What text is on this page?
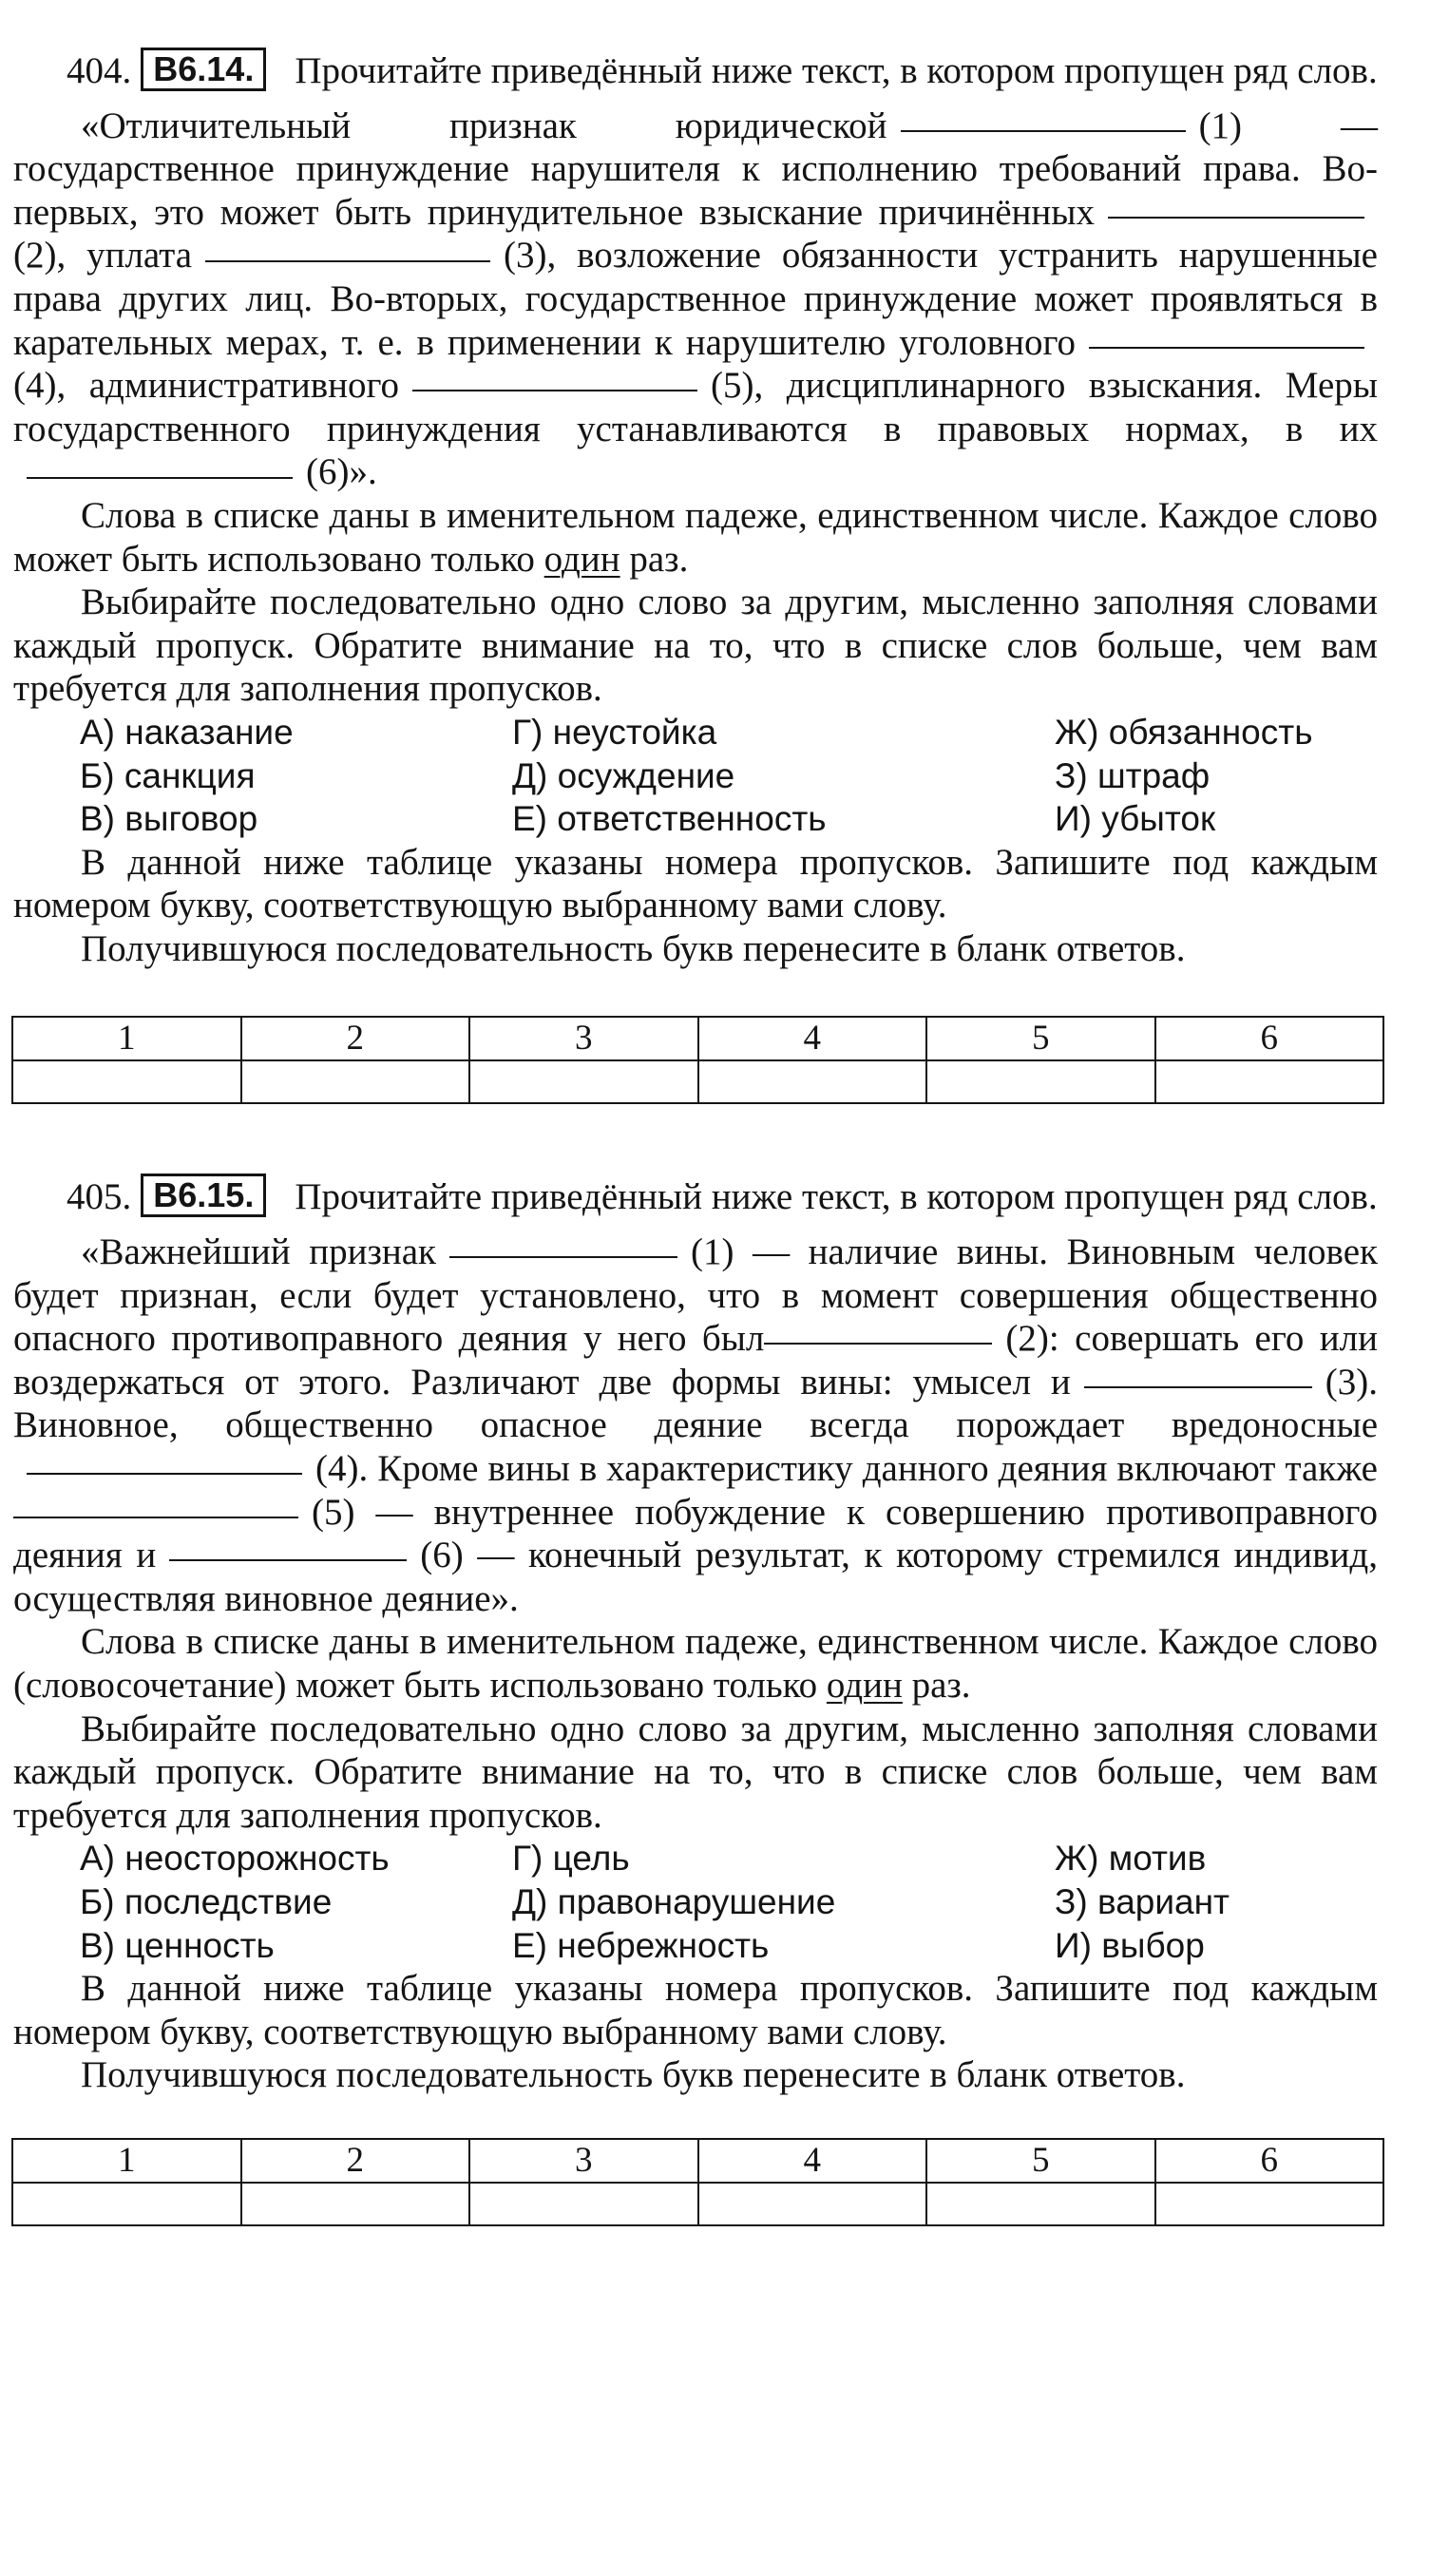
404. B6.14. Прочитайте приведённый ниже текст, в котором пропущен ряд слов.

«Отличительный признак юридической	(1) — государственное принуждение нарушителя к исполнению требований права. Во-первых, это может быть принудительное взыскание причинённых(2), уплата	(3), возложение обязанности устранить нарушенные права других лиц. Во-вторых, государственное принуждение может проявляться в карательных мерах, т. е. в применении к нарушителю уголовного(4), административного	(5), дисциплинарного взыскания. Меры государственного принуждения устанавливаются в правовых нормах, в их(6)».

Слова в списке даны в именительном падеже, единственном числе. Каждое слово может быть использовано только один раз.

Выбирайте последовательно одно слово за другим, мысленно заполняя словами каждый пропуск. Обратите внимание на то, что в списке слов больше, чем вам требуется для заполнения пропусков.

А) наказание	Г) неустойка	Ж) обязанность
Б) санкция	Д) осуждение	З) штраф
В) выговор	Е) ответственность	И) убыток

В данной ниже таблице указаны номера пропусков. Запишите под каждым номером букву, соответствующую выбранному вами слову.

Получившуюся последовательность букв перенесите в бланк ответов.

1	2	3	4	5	6

405. B6.15. Прочитайте приведённый ниже текст, в котором пропущен ряд слов.

«Важнейший признак	(1) — наличие вины. Виновным человек будет признан, если будет установлено, что в момент совершения общественно опасного противоправного деяния у него был	(2): совершать его или воздержаться от этого. Различают две формы вины: умысел и	(3). Виновное, общественно опасное деяние всегда порождает вредоносные(4). Кроме вины в характеристику данного деяния включают также(5) — внутреннее побуждение к совершению противоправного деяния и	(6) — конечный результат, к которому стремился индивид, осуществляя виновное деяние».

Слова в списке даны в именительном падеже, единственном числе. Каждое слово (словосочетание) может быть использовано только один раз.

Выбирайте последовательно одно слово за другим, мысленно заполняя словами каждый пропуск. Обратите внимание на то, что в списке слов больше, чем вам требуется для заполнения пропусков.

А) неосторожность	Г) цель	Ж) мотив
Б) последствие	Д) правонарушение	З) вариант
В) ценность	Е) небрежность	И) выбор

В данной ниже таблице указаны номера пропусков. Запишите под каждым номером букву, соответствующую выбранному вами слову.

Получившуюся последовательность букв перенесите в бланк ответов.

1	2	3	4	5	6
